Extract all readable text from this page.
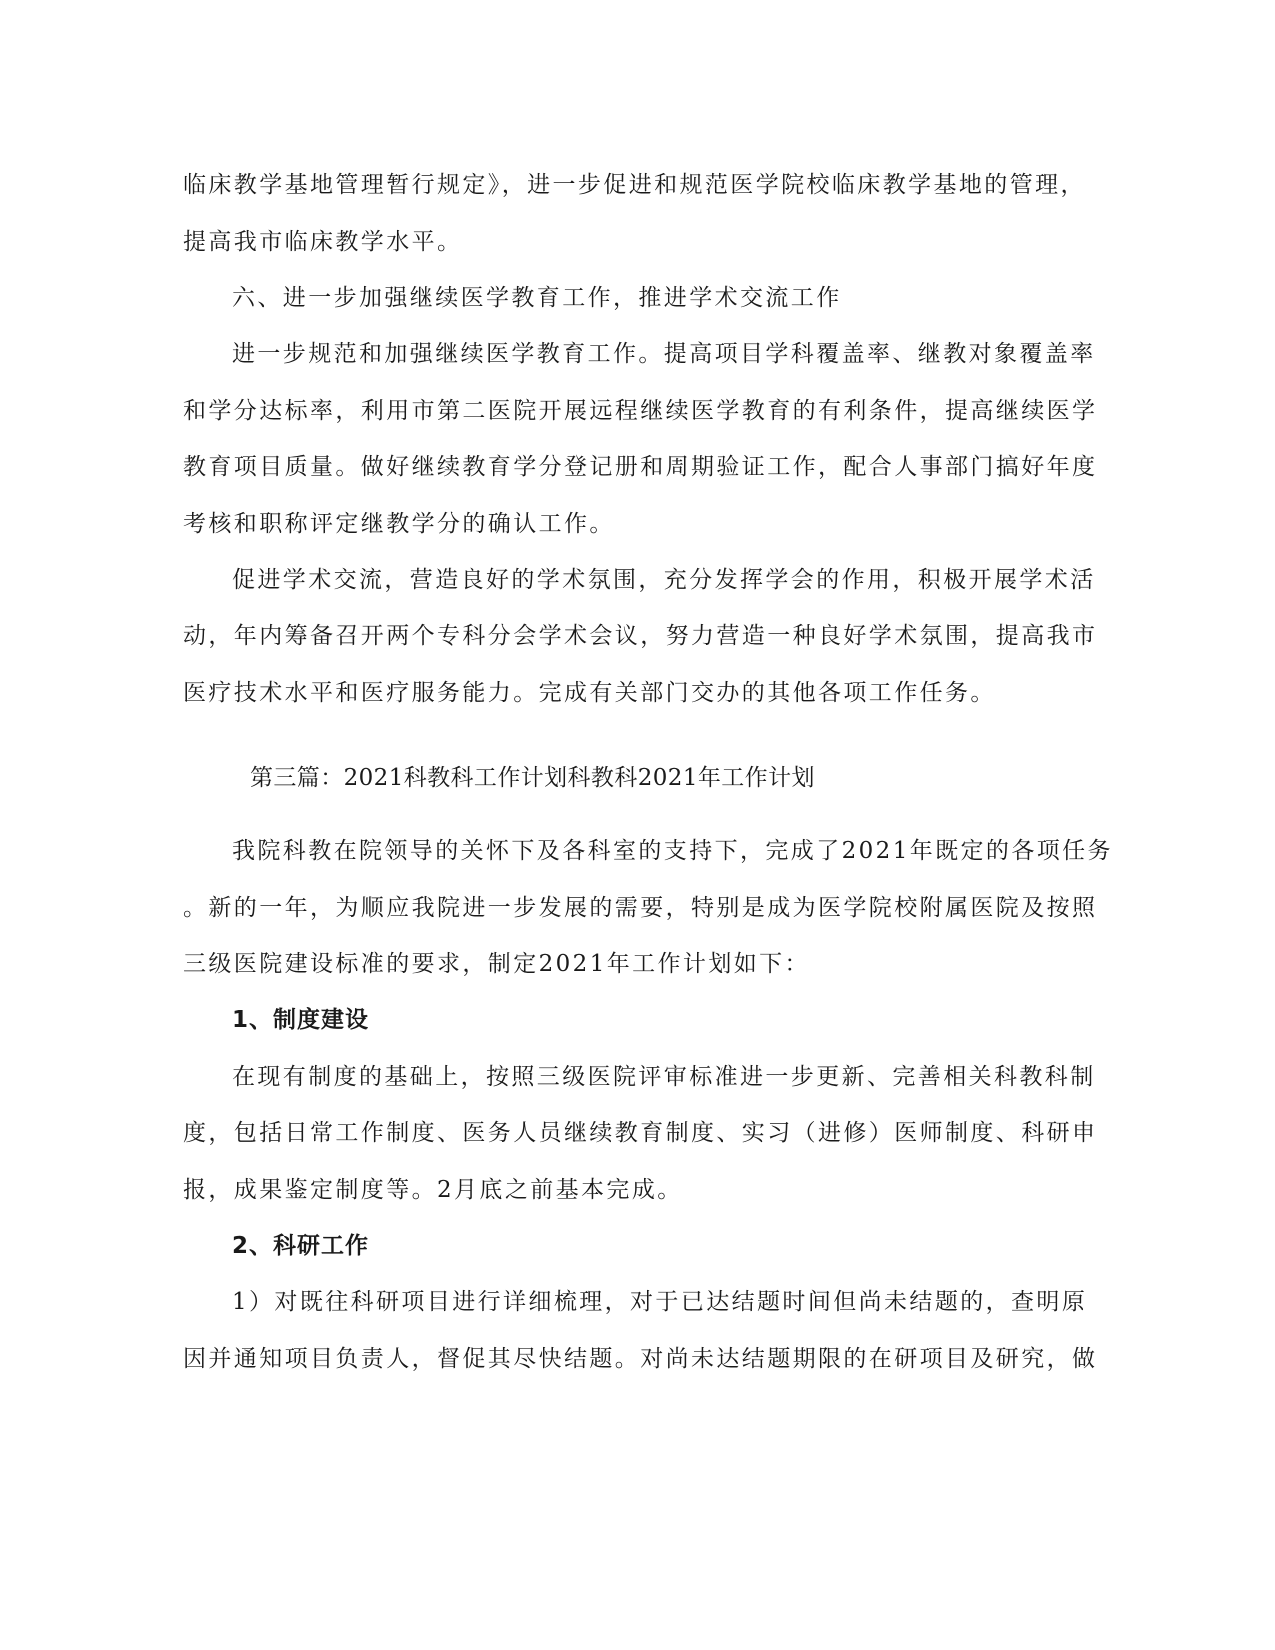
临床教学基地管理暂行规定》，进一步促进和规范医学院校临床教学基地的管理，
提高我市临床教学水平。
六、进一步加强继续医学教育工作，推进学术交流工作
进一步规范和加强继续医学教育工作。提高项目学科覆盖率、继教对象覆盖率
和学分达标率，利用市第二医院开展远程继续医学教育的有利条件，提高继续医学
教育项目质量。做好继续教育学分登记册和周期验证工作，配合人事部门搞好年度
考核和职称评定继教学分的确认工作。
促进学术交流，营造良好的学术氛围，充分发挥学会的作用，积极开展学术活
动，年内筹备召开两个专科分会学术会议，努力营造一种良好学术氛围，提高我市
医疗技术水平和医疗服务能力。完成有关部门交办的其他各项工作任务。
第三篇：2021科教科工作计划科教科2021年工作计划
我院科教在院领导的关怀下及各科室的支持下，完成了2021年既定的各项任务
。新的一年，为顺应我院进一步发展的需要，特别是成为医学院校附属医院及按照
三级医院建设标准的要求，制定2021年工作计划如下：
1、制度建设
在现有制度的基础上，按照三级医院评审标准进一步更新、完善相关科教科制
度，包括日常工作制度、医务人员继续教育制度、实习（进修）医师制度、科研申
报，成果鉴定制度等。2月底之前基本完成。
2、科研工作
1）对既往科研项目进行详细梳理，对于已达结题时间但尚未结题的，查明原
因并通知项目负责人，督促其尽快结题。对尚未达结题期限的在研项目及研究，做
